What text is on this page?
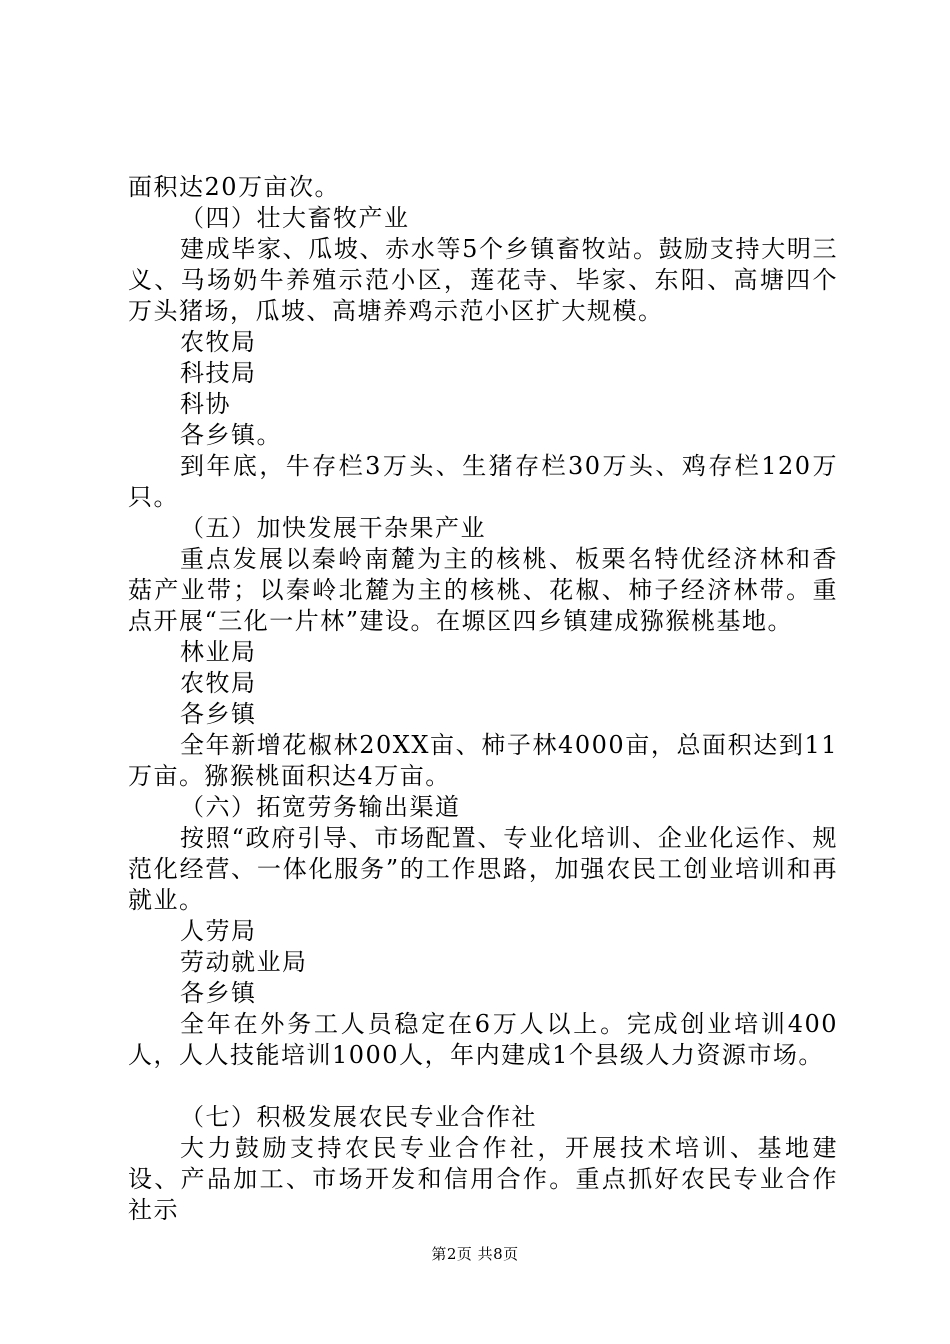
面积达20万亩次。

（四）壮大畜牧产业

建成毕家、瓜坡、赤水等5个乡镇畜牧站。鼓励支持大明三义、马场奶牛养殖示范小区，莲花寺、毕家、东阳、高塘四个万头猪场，瓜坡、高塘养鸡示范小区扩大规模。

农牧局

科技局

科协

各乡镇。

到年底，牛存栏3万头、生猪存栏30万头、鸡存栏120万只。

（五）加快发展干杂果产业

重点发展以秦岭南麓为主的核桃、板栗名特优经济林和香菇产业带；以秦岭北麓为主的核桃、花椒、柿子经济林带。重点开展“三化一片林”建设。在塬区四乡镇建成猕猴桃基地。

林业局

农牧局

各乡镇

全年新增花椒林20XX亩、柿子林4000亩，总面积达到11万亩。猕猴桃面积达4万亩。

（六）拓宽劳务输出渠道

按照“政府引导、市场配置、专业化培训、企业化运作、规范化经营、一体化服务”的工作思路，加强农民工创业培训和再就业。

人劳局

劳动就业局

各乡镇

全年在外务工人员稳定在6万人以上。完成创业培训400人，人人技能培训1000人，年内建成1个县级人力资源市场。

（七）积极发展农民专业合作社

大力鼓励支持农民专业合作社，开展技术培训、基地建设、产品加工、市场开发和信用合作。重点抓好农民专业合作社示

第2页 共8页
